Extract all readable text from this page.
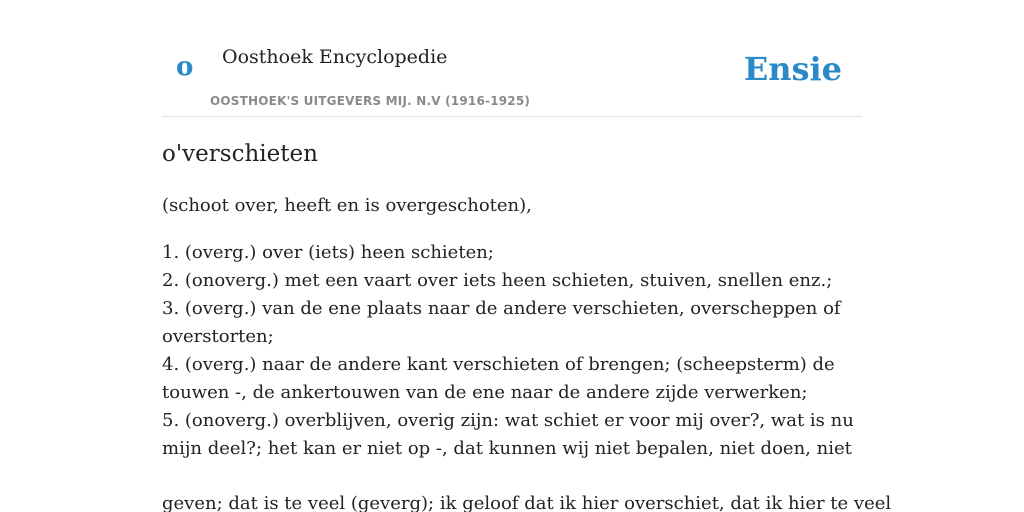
o Oosthoek Encyclopedie
OOSTHOEK'S UITGEVERS MIJ. N.V (1916-1925)
Ensie
o'verschieten

(schoot over, heeft en is overgeschoten),

1. (overg.) over (iets) heen schieten;
2. (onoverg.) met een vaart over iets heen schieten, stuiven, snellen enz.;
3. (overg.) van de ene plaats naar de andere verschieten, overscheppen of overstorten;
4. (overg.) naar de andere kant verschieten of brengen; (scheepsterm) de touwen -, de ankertouwen van de ene naar de andere zijde verwerken;
5. (onoverg.) overblijven, overig zijn: wat schiet er voor mij over?, wat is nu mijn deel?; het kan er niet op -, dat kunnen wij niet bepalen, niet doen, niet

geven; dat is te veel (geverg); ik geloof dat ik hier overschiet, dat ik hier te veel
